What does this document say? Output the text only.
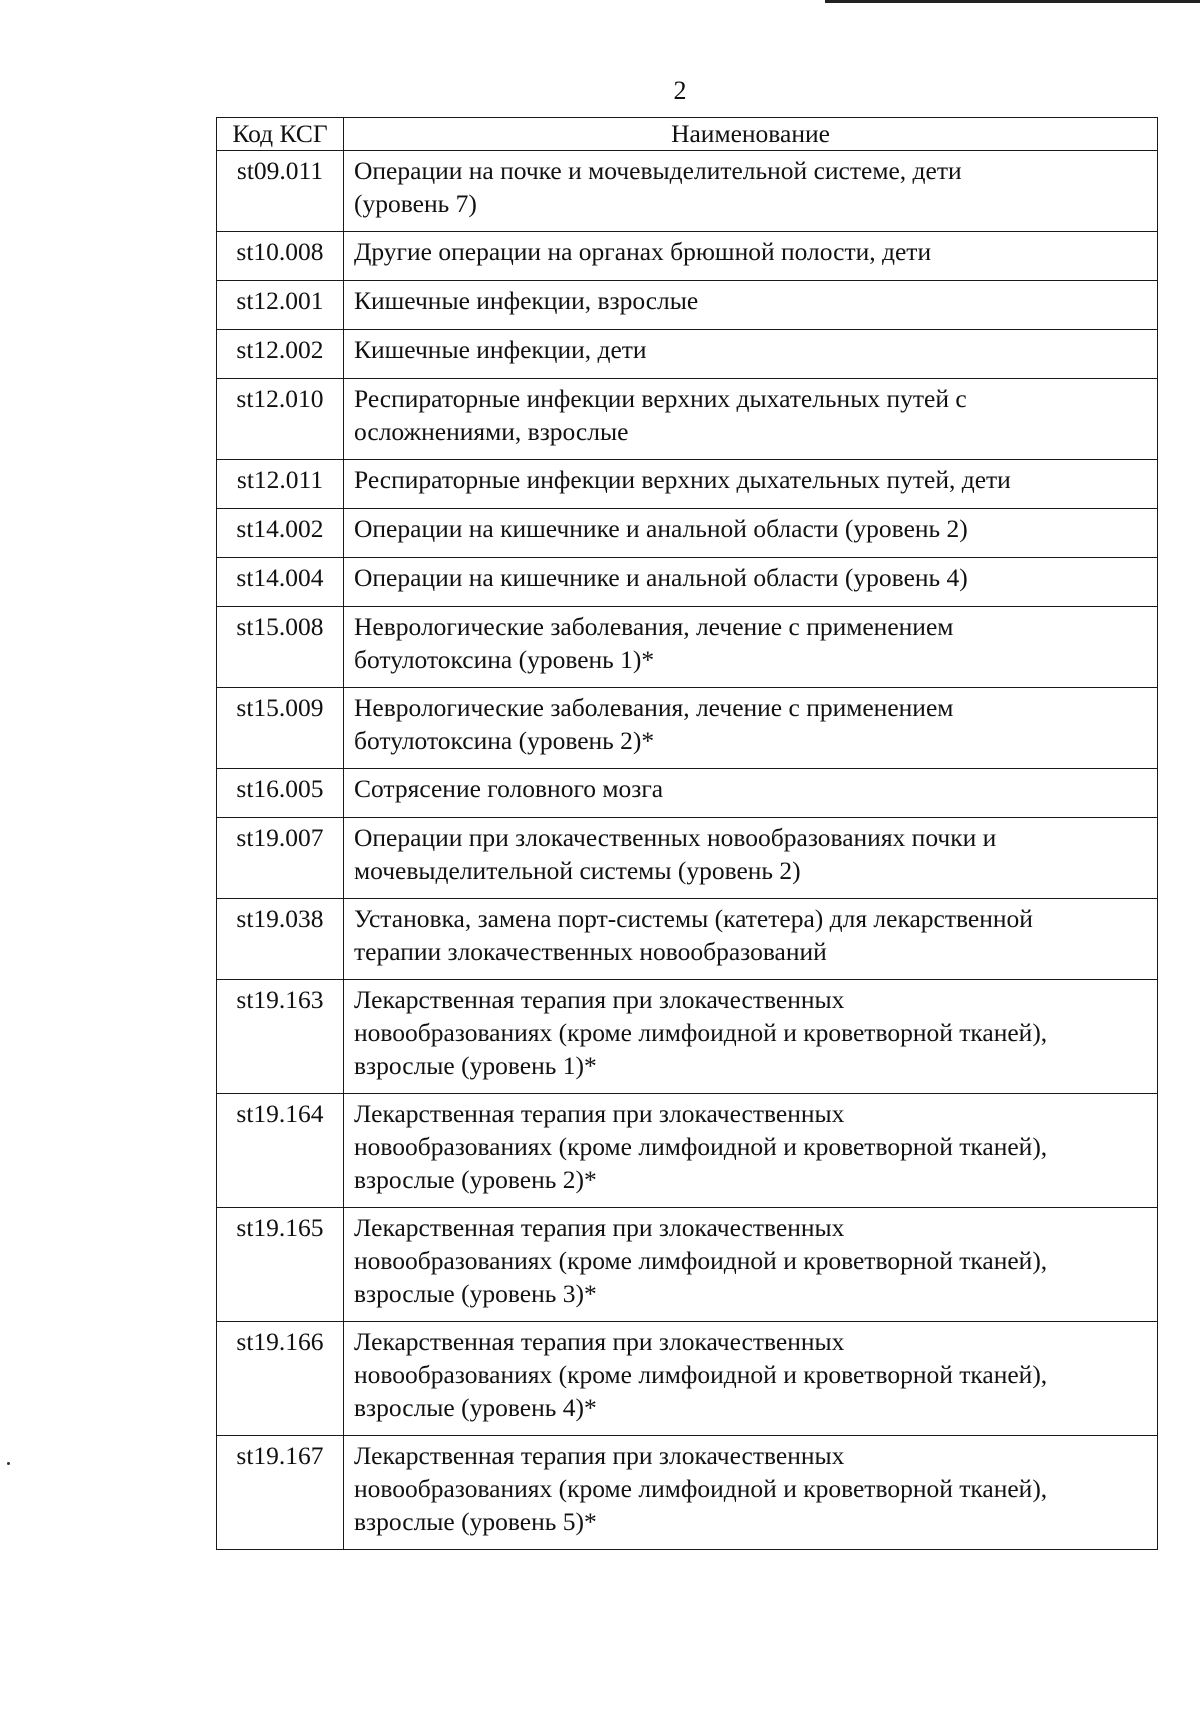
2
Код КСГ	Наименование
st09.011	Операции на почке и мочевыделительной системе, дети
(уровень 7)
st10.008	Другие операции на органах брюшной полости, дети
st12.001	Кишечные инфекции, взрослые
st12.002	Кишечные инфекции, дети
st12.010	Респираторные инфекции верхних дыхательных путей с
осложнениями, взрослые
st12.011	Респираторные инфекции верхних дыхательных путей, дети
st14.002	Операции на кишечнике и анальной области (уровень 2)
st14.004	Операции на кишечнике и анальной области (уровень 4)
st15.008	Неврологические заболевания, лечение с применением
ботулотоксина (уровень 1)*
st15.009	Неврологические заболевания, лечение с применением
ботулотоксина (уровень 2)*
st16.005	Сотрясение головного мозга
st19.007	Операции при злокачественных новообразованиях почки и
мочевыделительной системы (уровень 2)
st19.038	Установка, замена порт-системы (катетера) для лекарственной
терапии злокачественных новообразований
st19.163	Лекарственная терапия при злокачественных
новообразованиях (кроме лимфоидной и кроветворной тканей),
взрослые (уровень 1)*
st19.164	Лекарственная терапия при злокачественных
новообразованиях (кроме лимфоидной и кроветворной тканей),
взрослые (уровень 2)*
st19.165	Лекарственная терапия при злокачественных
новообразованиях (кроме лимфоидной и кроветворной тканей),
взрослые (уровень 3)*
st19.166	Лекарственная терапия при злокачественных
новообразованиях (кроме лимфоидной и кроветворной тканей),
взрослые (уровень 4)*
st19.167	Лекарственная терапия при злокачественных
новообразованиях (кроме лимфоидной и кроветворной тканей),
взрослые (уровень 5)*
